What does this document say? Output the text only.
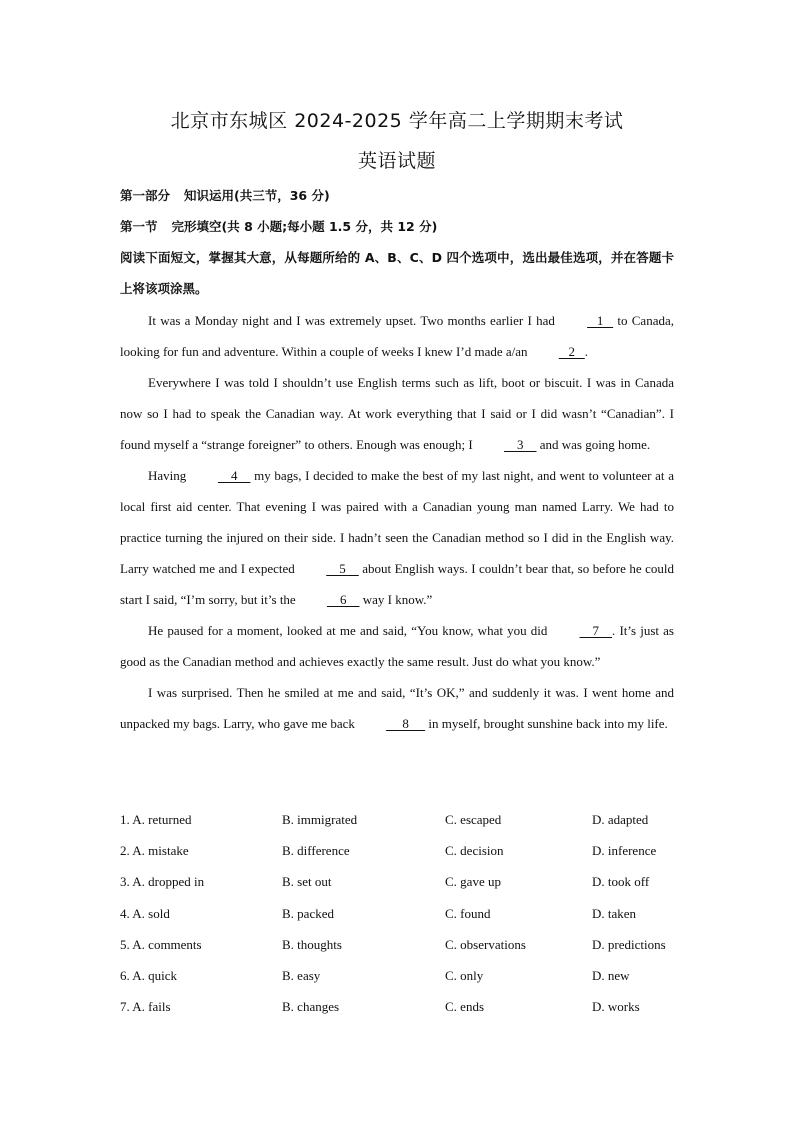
北京市东城区 2024-2025 学年高二上学期期末考试
英语试题
第一部分 知识运用(共三节，36 分)
第一节 完形填空(共 8 小题;每小题 1.5 分，共 12 分)
阅读下面短文，掌握其大意，从每题所给的 A、B、C、D 四个选项中，选出最佳选项，并在答题卡上将该项涂黑。

It was a Monday night and I was extremely upset. Two months earlier I had    1    to Canada, looking for fun and adventure. Within a couple of weeks I knew I’d made a/an    2   .

Everywhere I was told I shouldn’t use English terms such as lift, boot or biscuit. I was in Canada now so I had to speak the Canadian way. At work everything that I said or I did wasn’t “Canadian”. I found myself a “strange foreigner” to others. Enough was enough; I     3     and was going home.

Having     4     my bags, I decided to make the best of my last night, and went to volunteer at a local first aid center. That evening I was paired with a Canadian young man named Larry. We had to practice turning the injured on their side. I hadn’t seen the Canadian method so I did in the English way. Larry watched me and I expected     5     about English ways. I couldn’t bear that, so before he could start I said, “I’m sorry, but it’s the     6     way I know.”

He paused for a moment, looked at me and said, “You know, what you did     7    . It’s just as good as the Canadian method and achieves exactly the same result. Just do what you know.”

I was surprised. Then he smiled at me and said, “It’s OK,” and suddenly it was. I went home and unpacked my bags. Larry, who gave me back      8      in myself, brought sunshine back into my life.

1. A. returned	B. immigrated	C. escaped	D. adapted
2. A. mistake	B. difference	C. decision	D. inference
3. A. dropped in	B. set out	C. gave up	D. took off
4. A. sold	B. packed	C. found	D. taken
5. A. comments	B. thoughts	C. observations	D. predictions
6. A. quick	B. easy	C. only	D. new
7. A. fails	B. changes	C. ends	D. works
